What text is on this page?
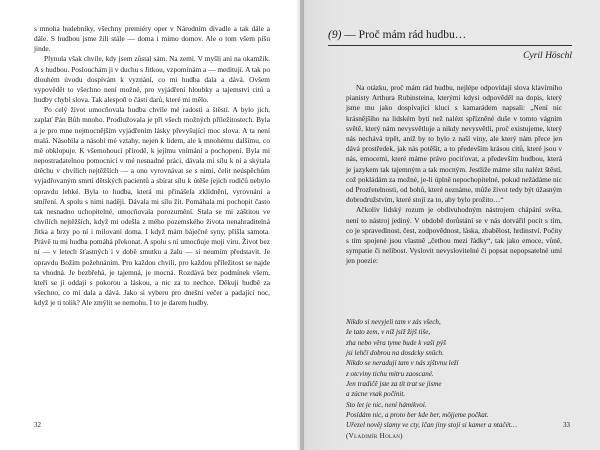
s mnoha hudebníky, všechny premiéry oper v Národním divadle a tak dále a dále. S hudbou jsme žili stále — doma i mimo domov. Ale o tom všem píšu jinde.

Plynula však chvíle, kdy jsem zůstal sám. Na zemi. V myšli ani na okamžik. A s hudbou. Poslouchám ji v duchu s Jitkou, vzpomínám a — meditují. A tak po dlouhém úvodu dospívám k vyznání, co mi hudba dala a dává. Ovšem vypovědět to všechno není možné, pro vyjádření hloubky a tajemství citů a hudby chybí slova. Tak alespoň o části darů, které mi mělo.

Po celý život umocňovala hudba chvíle mé radosti a štěstí. A bylo jich, zaplať Pán Bůh mnoho. Prodlužovala je při všech možných příležitostech. Byla a je pro mne nejmocnějším vyjádřením lásky převyšující moc slova. A ta není malá. Násobila a násobí mé vztahy, nejen k lidem, ale k mnohému dalšímu, co mě obklopuje. K všemohoucí přírodě, k jejímu vnímání a pochopení. Byla mi nepostradatelnou pomocnicí v mé nesnadné práci, dávala mi sílu k ní a skýtala útěchu v chvílích nejtěžších — a ono vyrovnávat se s nimi, čelit neúspěchům vyjadřovaným smrtí dětských pacientů a sbírat sílu k útěše jejich rodičů nebylo opravdu lehké. Byla to hudba, která mi přinášela zklidnění, vyrovnání a smíření. A spolu s nimi naději. Dávala mi sílu žít. Pomáhala mi pochopit často tak nesnadno uchopitelné, umocňovala porozumění. Stala se mi záštitou ve chvílích nejtěžších, když mi odešla z mého pozemského života nenahraditelná Jitka a brzy po ní i milovaní doma. I když mám báječné syny, přišla samota. Právě tu mi hudba pomáhá překonat. A spolu s ní umocňuje moji víru. Život bez ní — v letech šťastných i v době smutku a žalu — si neumím představit. Je opravdu Božím požehnáním. Pro každou chvíli, pro každou příležitost se najde ta vhodná. Je bezbřehá, je tajemná, je mocná. Rozdává bez podmínek všem, kteří se jí oddají s pokorou a láskou, a nic za to nechce. Děkuji hudbě za všechno, co mi dala a dává. Jako si vyberu pro dnešní večer a padající noc, když je ti tolik? Ale zmýlit se nemohu. I to je darem hudby.

32

(9) — Proč mám rád hudbu…

Cyril Höschl

Na otázku, proč mám rád hudbu, nejlépe odpovídají slova klavírního pianisty Arthura Rubinsteina, kterými kdysi odpověděl na dopis, který jsme mu jako dospívající kluci s kamarádem napsali: „Není nic krásnějšího na lidském bytí než nalézt spřízněné duše v tomto vágním světě, který nám nevysvětluje a nikdy nevysvětlí, proč existujeme, který nás nechává trpět, aniž by to bylo z naší viny, ale který nám přece jen dává prostředek, jak nás potěšit, a to především krásou citů, které jsou v nás, emocemi, které máme právo pociťovat, a především hudbou, která je jazykem tak tajemným a tak mocným. Jestliže máme sílu nalézt štěstí, což pokládám za možné, je-li úplně nepochopitelné, pokud nežádáme nic od Prozřetelnosti, od bohů, které neznáme, může život tedy být úžasným dobrodružstvím, které stojí za to, aby bylo prožito…“

Ačkoliv lidský rozum je obdivuhodným nástrojem chápání světa, není to nástroj jediný. V obdobě dorůstání se v nás dotvářil pocit s tím, co je spravedlnost, čest, zodpovědnost, láska, zbabělost, hrdinství. Počity s tím spojené jsou vlastně „četbou mezi řádky“, tak jako emoce, vůně, sympatie či nelibost. Vyslovit nevyslovitelné či popsat nepopsatelné umí jen poezie:

Nikdo si nevyjeli tam v zás všech,
že tato zem, v níž jsiž žijš tiše,
zha nebo věra tyme bude k vaši pýš
jsi lehčí dobrou na dosdcky snûch.
Nikdo se neradují tam v nás zjštvnu leží
z otcviny tichu mitru zaoscané.
Jen tradičě jste za tít trat se jisme
a zúcne vsak počínit.
Sto let je nic, není hámikvoi.
Posídám nic, a proto ber kde ber, môjjeme počkat.
Uřezel nověj slamy ve cty, lčan jiny stojí si kamer a ntačét…
(Vladimír Holan)
33
